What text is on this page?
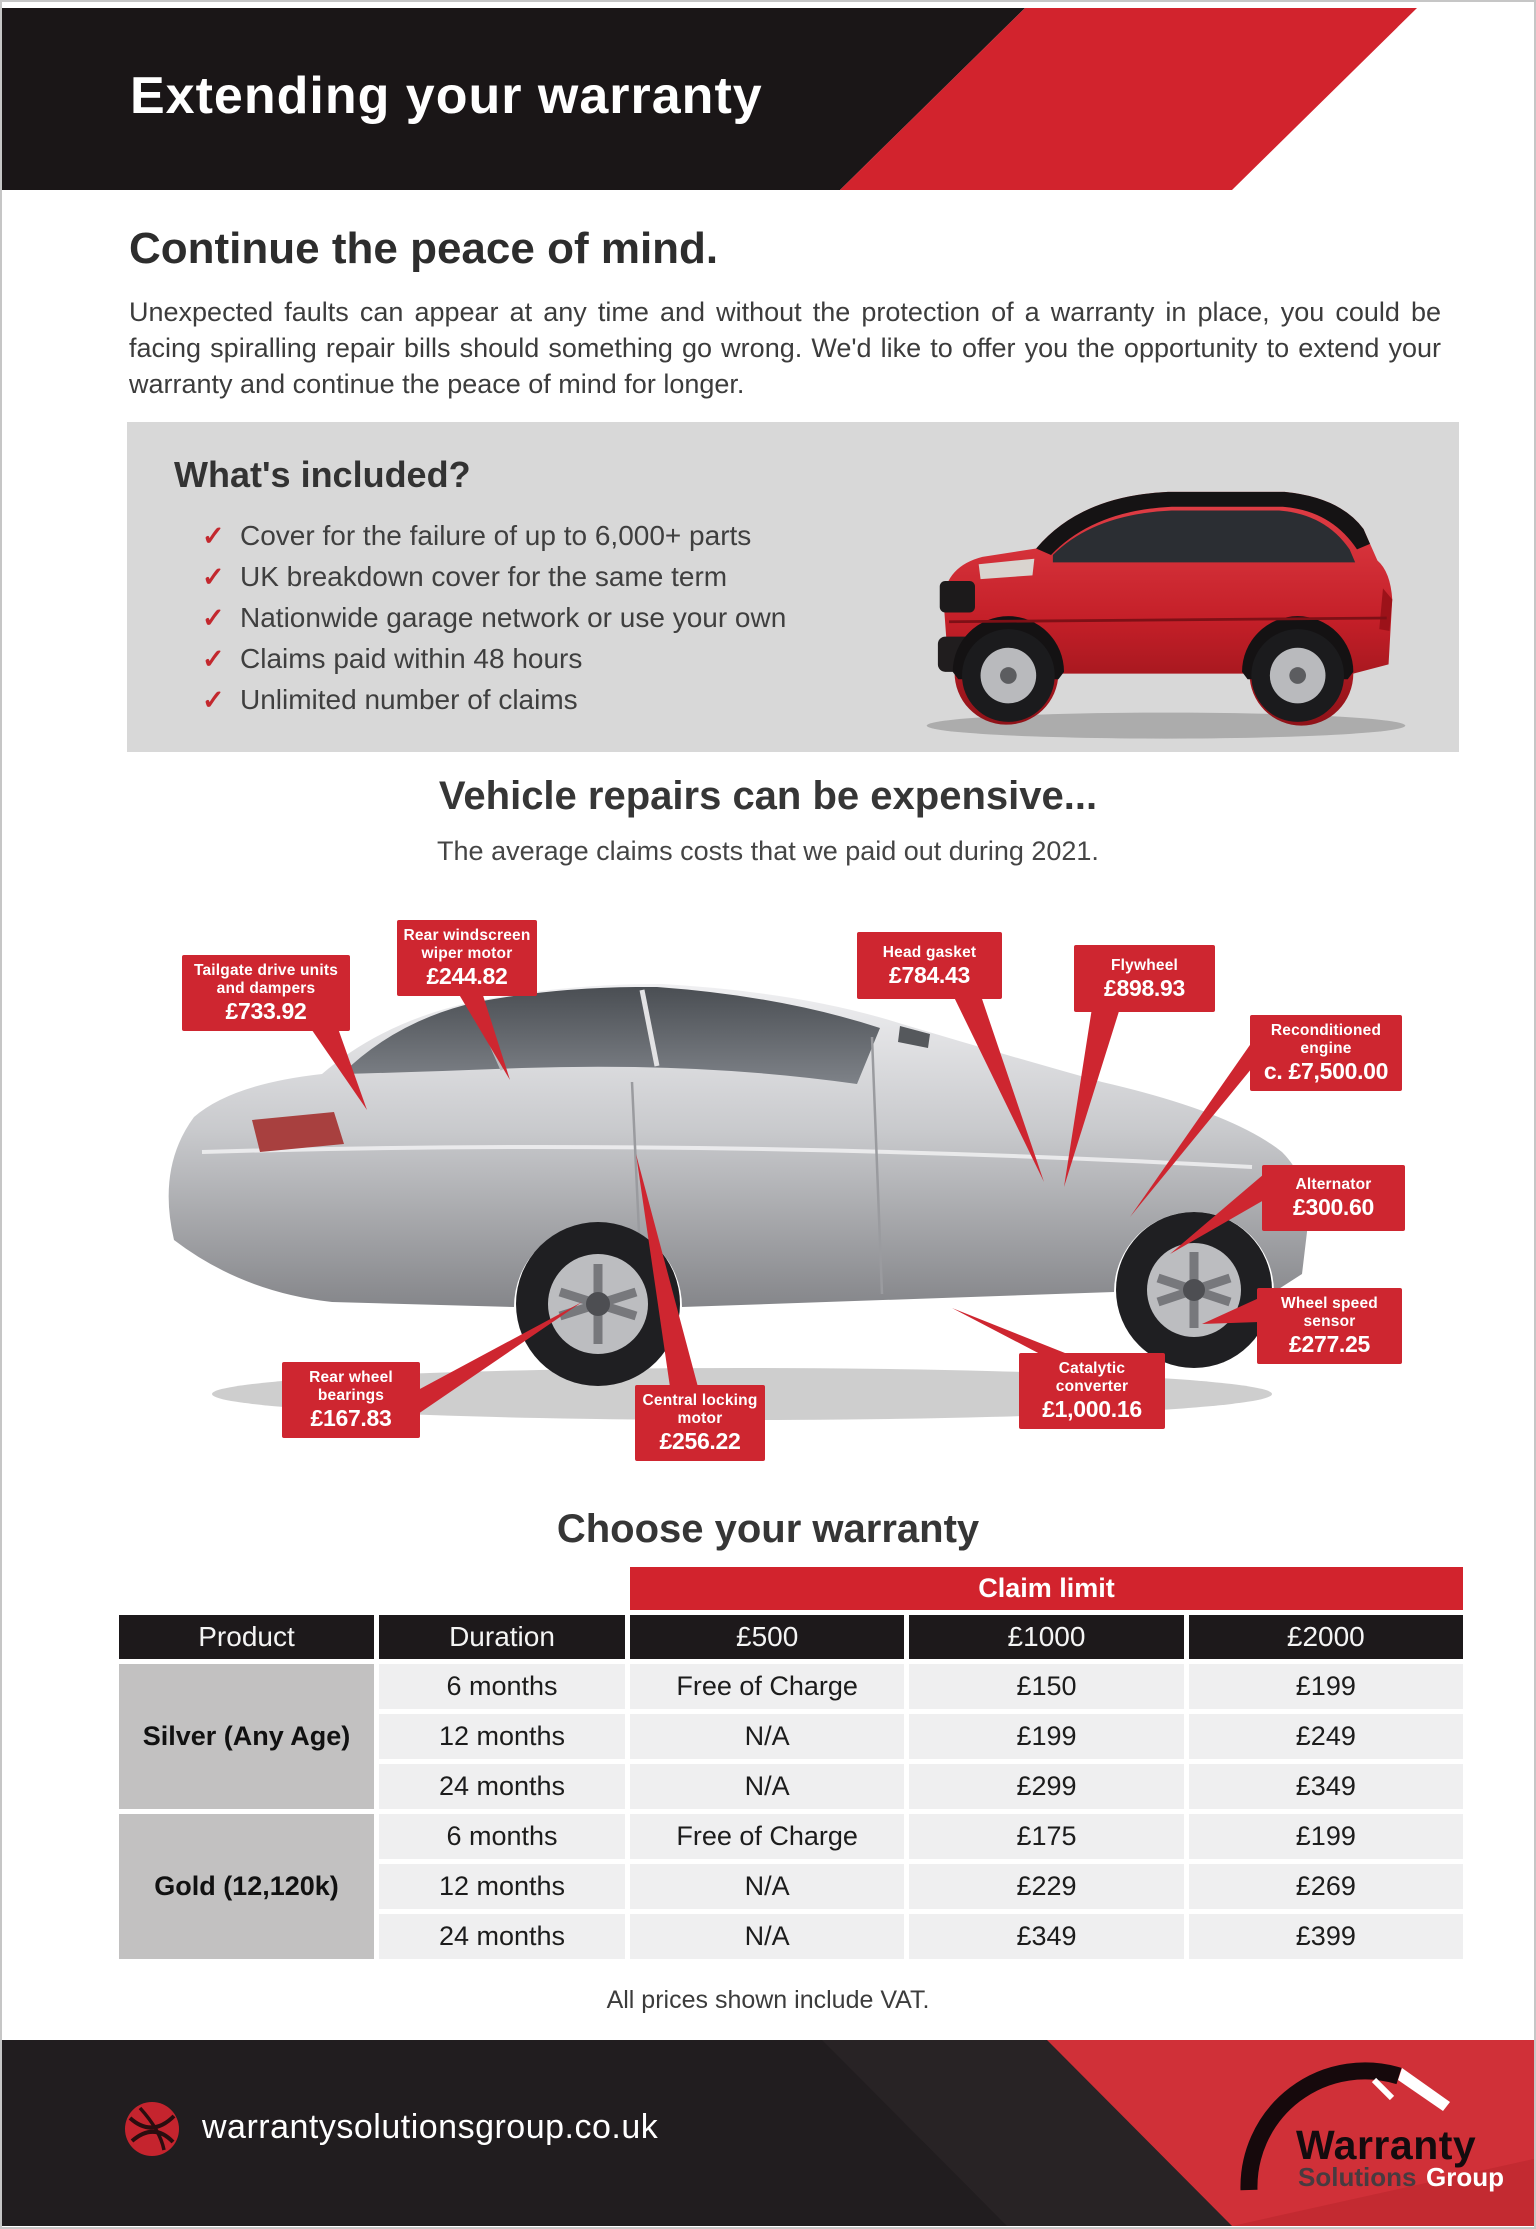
Extending your warranty
Continue the peace of mind.
Unexpected faults can appear at any time and without the protection of a warranty in place, you could be facing spiralling repair bills should something go wrong. We'd like to offer you the opportunity to extend your warranty and continue the peace of mind for longer.
What's included?
✓ Cover for the failure of up to 6,000+ parts
✓ UK breakdown cover for the same term
✓ Nationwide garage network or use your own
✓ Claims paid within 48 hours
✓ Unlimited number of claims
Vehicle repairs can be expensive...
The average claims costs that we paid out during 2021.
Tailgate drive units and dampers
£733.92
Rear windscreen wiper motor
£244.82
Head gasket
£784.43	Flywheel
£898.93
Reconditioned engine
c. £7,500.00
Alternator
£300.60
Wheel speed sensor
£277.25
Catalytic converter
£1,000.16
Central locking motor
£256.22
Rear wheel bearings
£167.83
Choose your warranty
		Claim limit		
Product	Duration	£500	£1000	£2000
Silver (Any Age)	6 months	Free of Charge	£150	£199
	12 months	N/A	£199	£249
	24 months	N/A	£299	£349
Gold (12,120k)	6 months	Free of Charge	£175	£199
	12 months	N/A	£229	£269
	24 months	N/A	£349	£399
All prices shown include VAT.
warrantysolutionsgroup.co.uk	Warranty
Solutions Group
